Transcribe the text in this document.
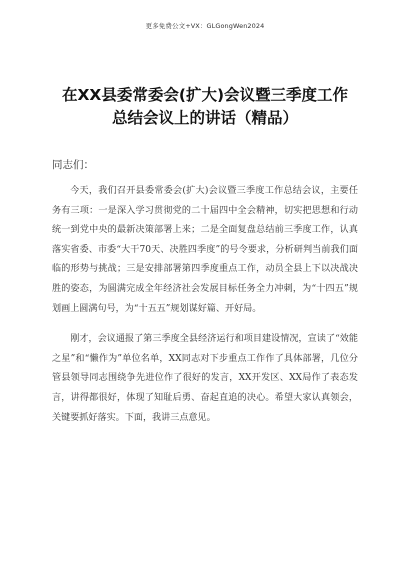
更多免费公文+VX：GLGongWen2024
在XX县委常委会(扩大)会议暨三季度工作总结会议上的讲话（精品）

同志们：

今天，我们召开县委常委会(扩大)会议暨三季度工作总结会议，主要任务有三项：一是深入学习贯彻党的二十届四中全会精神，切实把思想和行动统一到党中央的最新决策部署上来；二是全面复盘总结前三季度工作，认真落实省委、市委“大干70天、决胜四季度”的号令要求，分析研判当前我们面临的形势与挑战；三是安排部署第四季度重点工作，动员全县上下以决战决胜的姿态，为圆满完成全年经济社会发展目标任务全力冲刺，为“十四五”规划画上圆满句号，为“十五五”规划谋好篇、开好局。

刚才，会议通报了第三季度全县经济运行和项目建设情况，宣读了“效能之星”和“懒作为”单位名单，XX同志对下步重点工作作了具体部署，几位分管县领导同志围绕争先进位作了很好的发言，XX开发区、XX局作了表态发言，讲得都很好，体现了知耻后勇、奋起直追的决心。希望大家认真领会，关键要抓好落实。下面，我讲三点意见。
